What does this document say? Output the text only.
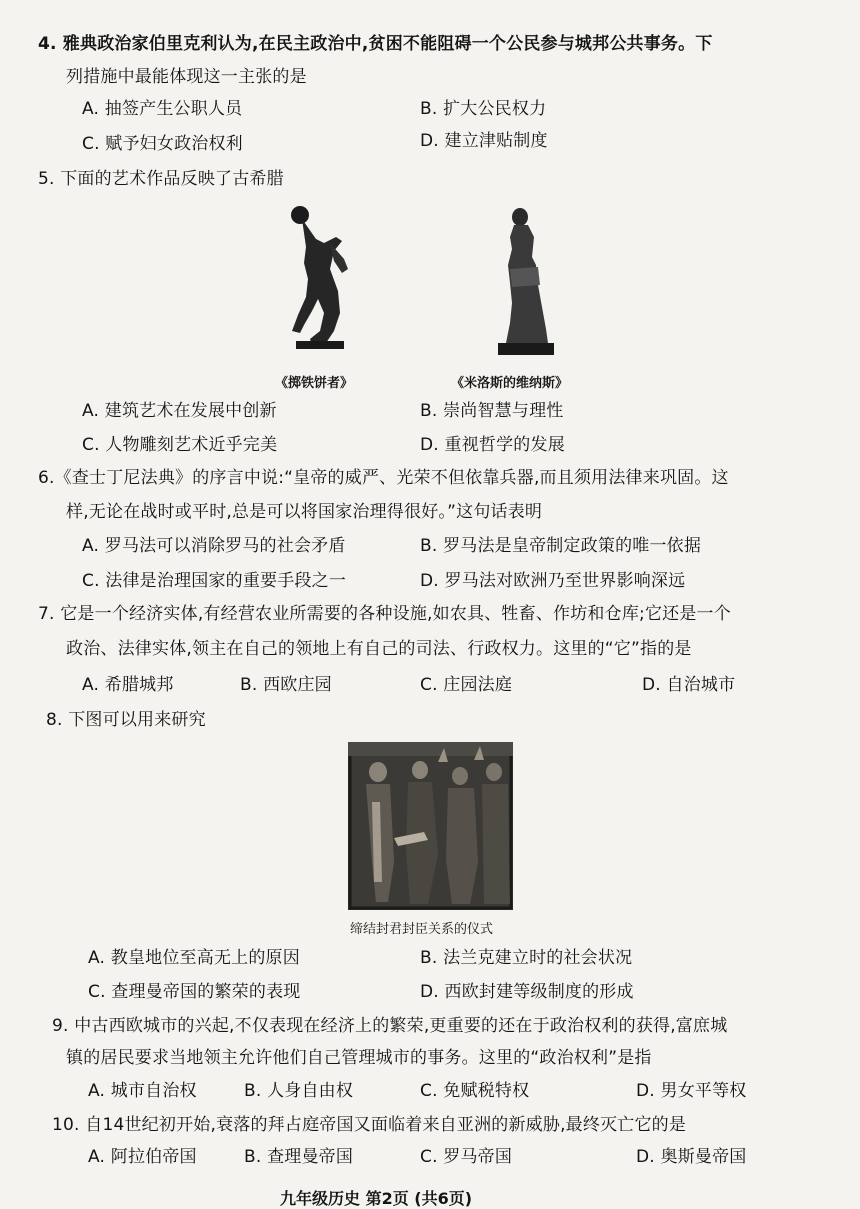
4. 雅典政治家伯里克利认为,在民主政治中,贫困不能阻碍一个公民参与城邦公共事务。下
列措施中最能体现这一主张的是
A. 抽签产生公职人员	B. 扩大公民权力
C. 赋予妇女政治权利	D. 建立津贴制度
5. 下面的艺术作品反映了古希腊
《掷铁饼者》	《米洛斯的维纳斯》
A. 建筑艺术在发展中创新	B. 崇尚智慧与理性
C. 人物雕刻艺术近乎完美	D. 重视哲学的发展
6.《查士丁尼法典》的序言中说:“皇帝的威严、光荣不但依靠兵器,而且须用法律来巩固。这
样,无论在战时或平时,总是可以将国家治理得很好。”这句话表明
A. 罗马法可以消除罗马的社会矛盾	B. 罗马法是皇帝制定政策的唯一依据
C. 法律是治理国家的重要手段之一	D. 罗马法对欧洲乃至世界影响深远
7. 它是一个经济实体,有经营农业所需要的各种设施,如农具、牲畜、作坊和仓库;它还是一个
政治、法律实体,领主在自己的领地上有自己的司法、行政权力。这里的“它”指的是
A. 希腊城邦	B. 西欧庄园	C. 庄园法庭	D. 自治城市
8. 下图可以用来研究
缔结封君封臣关系的仪式
A. 教皇地位至高无上的原因	B. 法兰克建立时的社会状况
C. 查理曼帝国的繁荣的表现	D. 西欧封建等级制度的形成
9. 中古西欧城市的兴起,不仅表现在经济上的繁荣,更重要的还在于政治权利的获得,富庶城
镇的居民要求当地领主允许他们自己管理城市的事务。这里的“政治权利”是指
A. 城市自治权	B. 人身自由权	C. 免赋税特权	D. 男女平等权
10. 自14世纪初开始,衰落的拜占庭帝国又面临着来自亚洲的新威胁,最终灭亡它的是
A. 阿拉伯帝国	B. 查理曼帝国	C. 罗马帝国	D. 奥斯曼帝国
九年级历史 第2页 (共6页)
